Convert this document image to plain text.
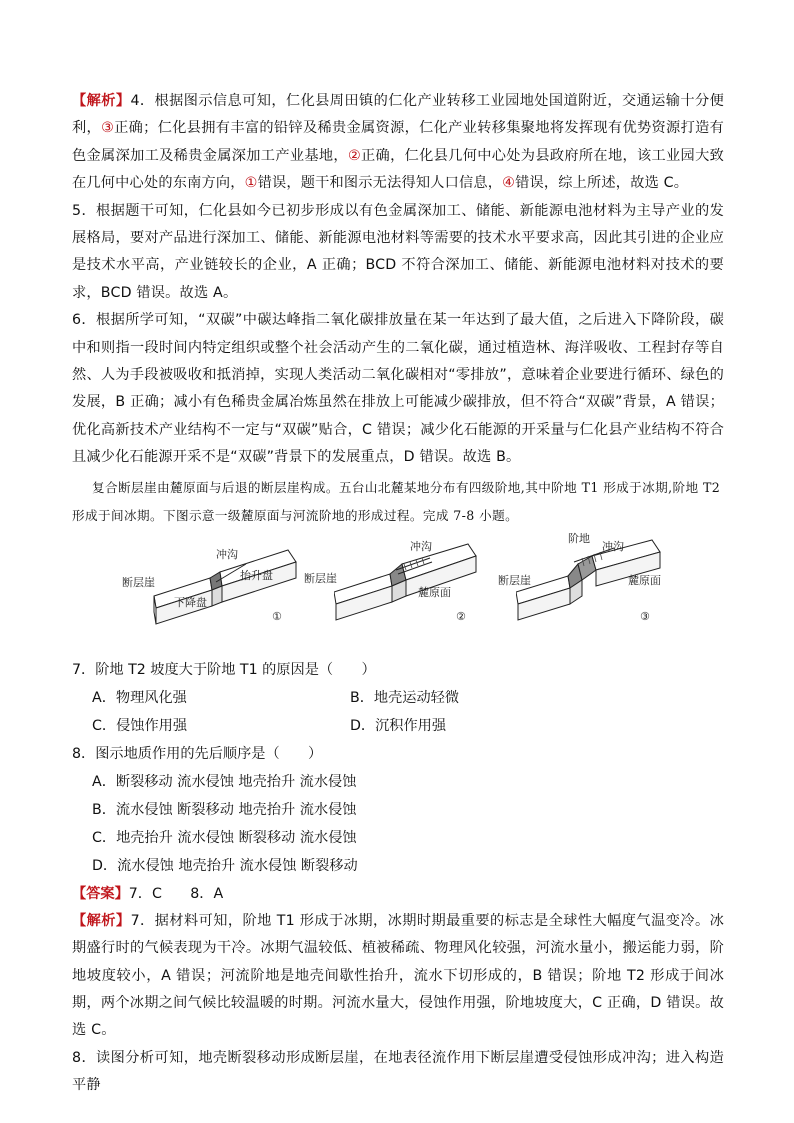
【解析】4．根据图示信息可知，仁化县周田镇的仁化产业转移工业园地处国道附近，交通运输十分便利，③正确；仁化县拥有丰富的铅锌及稀贵金属资源，仁化产业转移集聚地将发挥现有优势资源打造有色金属深加工及稀贵金属深加工产业基地，②正确，仁化县几何中心处为县政府所在地，该工业园大致在几何中心处的东南方向，①错误，题干和图示无法得知人口信息，④错误，综上所述，故选 C。

5．根据题干可知，仁化县如今已初步形成以有色金属深加工、储能、新能源电池材料为主导产业的发展格局，要对产品进行深加工、储能、新能源电池材料等需要的技术水平要求高，因此其引进的企业应是技术水平高，产业链较长的企业，A 正确；BCD 不符合深加工、储能、新能源电池材料对技术的要求，BCD 错误。故选 A。

6．根据所学可知，“双碳”中碳达峰指二氧化碳排放量在某一年达到了最大值，之后进入下降阶段，碳中和则指一段时间内特定组织或整个社会活动产生的二氧化碳，通过植造林、海洋吸收、工程封存等自然、人为手段被吸收和抵消掉，实现人类活动二氧化碳相对“零排放”，意味着企业要进行循环、绿色的发展，B 正确；减小有色稀贵金属冶炼虽然在排放上可能减少碳排放，但不符合“双碳”背景，A 错误；优化高新技术产业结构不一定与“双碳”贴合，C 错误；减少化石能源的开采量与仁化县产业结构不符合且减少化石能源开采不是“双碳”背景下的发展重点，D 错误。故选 B。

复合断层崖由麓原面与后退的断层崖构成。五台山北麓某地分布有四级阶地,其中阶地 T1 形成于冰期,阶地 T2 形成于间冰期。下图示意一级麓原面与河流阶地的形成过程。完成 7-8 小题。

断层崖
冲沟
抬升盘
下降盘
①
断层崖
冲沟
麓原面
②
断层崖
阶地
冲沟
麓原面
③

7．阶地 T2 坡度大于阶地 T1 的原因是（　　）

A．物理风化强	B．地壳运动轻微
C．侵蚀作用强	D．沉积作用强

8．图示地质作用的先后顺序是（　　）

A．断裂移动 流水侵蚀 地壳抬升 流水侵蚀
B．流水侵蚀 断裂移动 地壳抬升 流水侵蚀
C．地壳抬升 流水侵蚀 断裂移动 流水侵蚀
D．流水侵蚀 地壳抬升 流水侵蚀 断裂移动

【答案】7．C　　8．A

【解析】7．据材料可知，阶地 T1 形成于冰期，冰期时期最重要的标志是全球性大幅度气温变冷。冰期盛行时的气候表现为干冷。冰期气温较低、植被稀疏、物理风化较强，河流水量小，搬运能力弱，阶地坡度较小，A 错误；河流阶地是地壳间歇性抬升，流水下切形成的，B 错误；阶地 T2 形成于间冰期，两个冰期之间气候比较温暖的时期。河流水量大，侵蚀作用强，阶地坡度大，C 正确，D 错误。故选 C。

8．读图分析可知，地壳断裂移动形成断层崖，在地表径流作用下断层崖遭受侵蚀形成冲沟；进入构造平静
